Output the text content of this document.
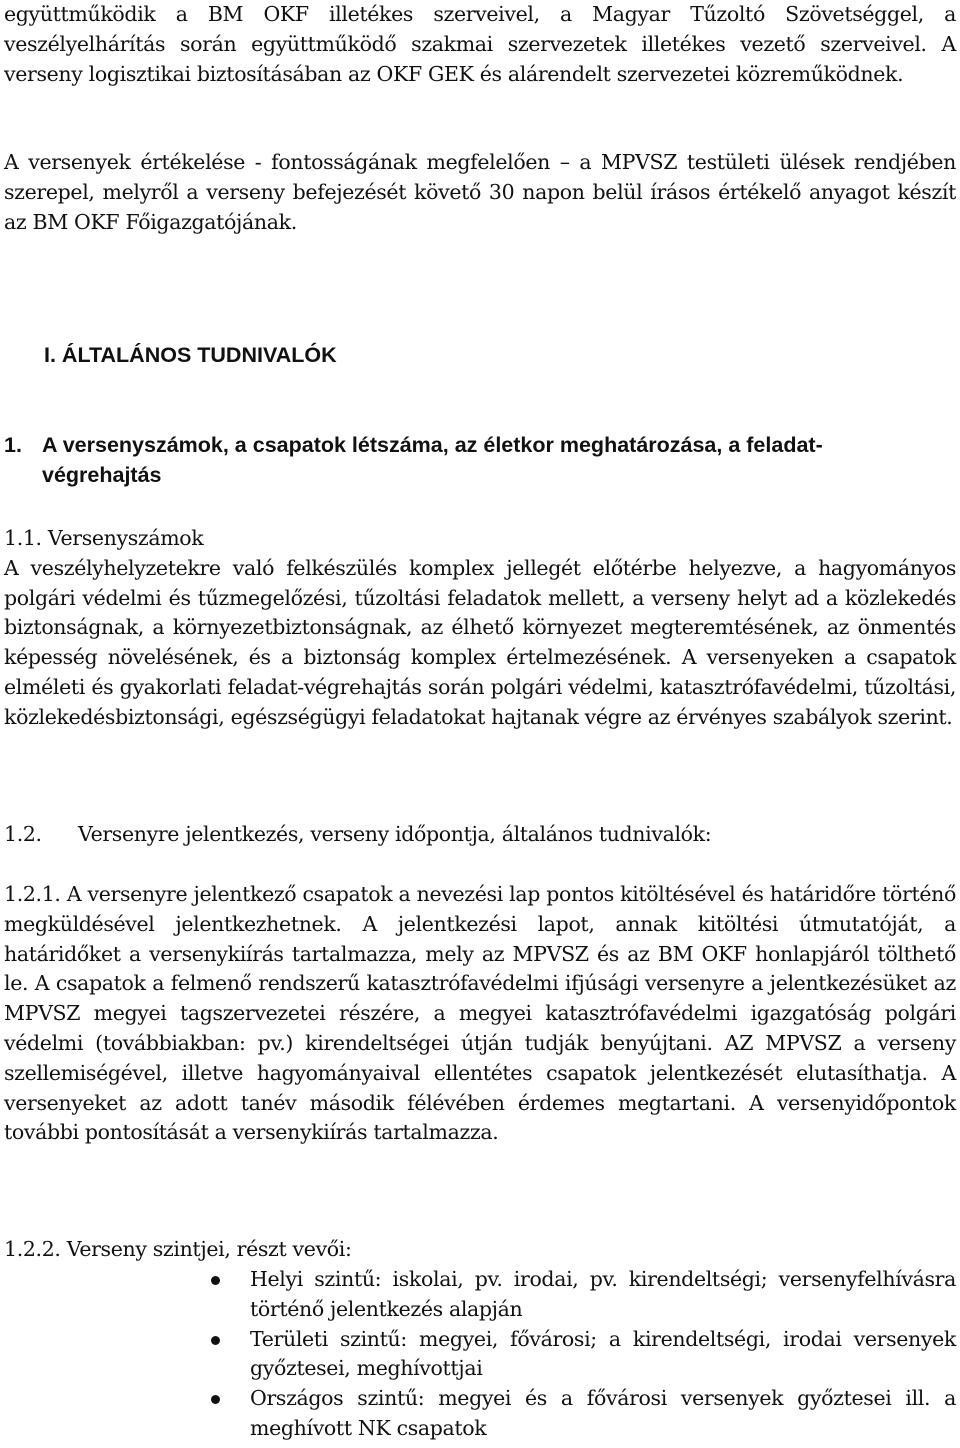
együttműködik a BM OKF illetékes szerveivel, a Magyar Tűzoltó Szövetséggel, a veszélyelhárítás során együttműködő szakmai szervezetek illetékes vezető szerveivel. A verseny logisztikai biztosításában az OKF GEK és alárendelt szervezetei közreműködnek.

A versenyek értékelése - fontosságának megfelelően – a MPVSZ testületi ülések rendjében szerepel, melyről a verseny befejezését követő 30 napon belül írásos értékelő anyagot készít az BM OKF Főigazgatójának.

I. ÁLTALÁNOS TUDNIVALÓK
1. A versenyszámok, a csapatok létszáma, az életkor meghatározása, a feladat-végrehajtás

1.1. Versenyszámok

A veszélyhelyzetekre való felkészülés komplex jellegét előtérbe helyezve, a hagyományos polgári védelmi és tűzmegelőzési, tűzoltási feladatok mellett, a verseny helyt ad a közlekedés biztonságnak, a környezetbiztonságnak, az élhető környezet megteremtésének, az önmentés képesség növelésének, és a biztonság komplex értelmezésének. A versenyeken a csapatok elméleti és gyakorlati feladat-végrehajtás során polgári védelmi, katasztrófavédelmi, tűzoltási, közlekedésbiztonsági, egészségügyi feladatokat hajtanak végre az érvényes szabályok szerint.

1.2. Versenyre jelentkezés, verseny időpontja, általános tudnivalók:

1.2.1. A versenyre jelentkező csapatok a nevezési lap pontos kitöltésével és határidőre történő megküldésével jelentkezhetnek. A jelentkezési lapot, annak kitöltési útmutatóját, a határidőket a versenykiírás tartalmazza, mely az MPVSZ és az BM OKF honlapjáról tölthető le. A csapatok a felmenő rendszerű katasztrófavédelmi ifjúsági versenyre a jelentkezésüket az MPVSZ megyei tagszervezetei részére, a megyei katasztrófavédelmi igazgatóság polgári védelmi (továbbiakban: pv.) kirendeltségei útján tudják benyújtani. AZ MPVSZ a verseny szellemiségével, illetve hagyományaival ellentétes csapatok jelentkezését elutasíthatja. A versenyeket az adott tanév második félévében érdemes megtartani. A versenyidőpontok további pontosítását a versenykiírás tartalmazza.

1.2.2. Verseny szintjei, részt vevői:

Helyi szintű: iskolai, pv. irodai, pv. kirendeltségi; versenyfelhívásra történő jelentkezés alapján
Területi szintű: megyei, fővárosi; a kirendeltségi, irodai versenyek győztesei, meghívottjai
Országos szintű: megyei és a fővárosi versenyek győztesei ill. a meghívott NK csapatok
